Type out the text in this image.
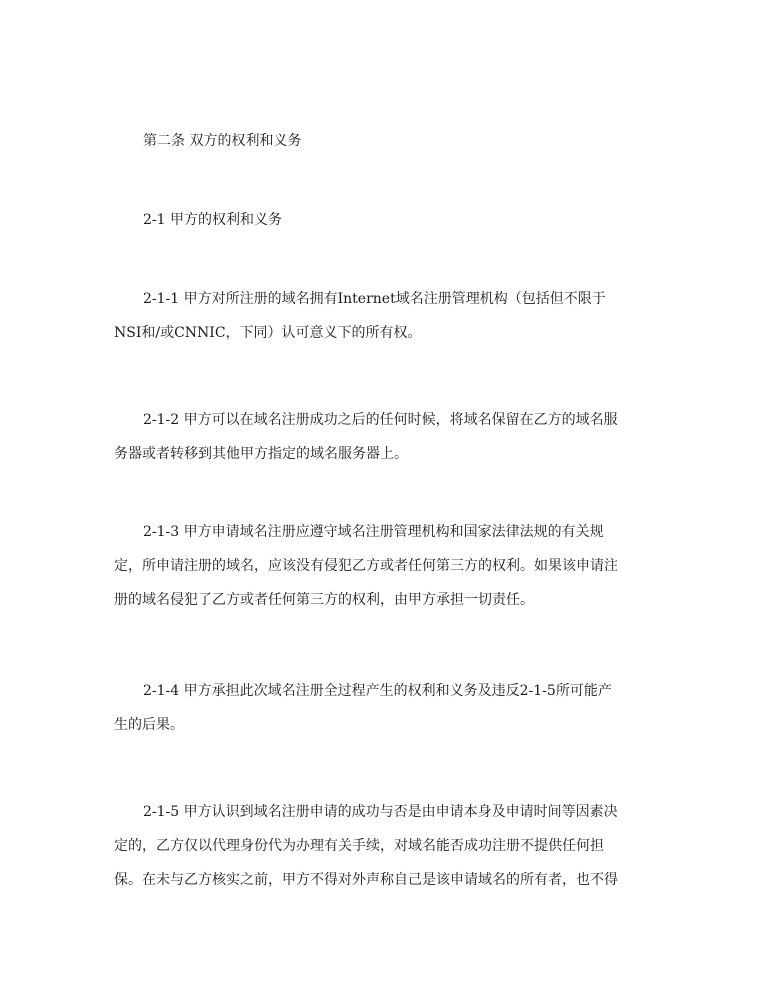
第二条 双方的权利和义务
2-1 甲方的权利和义务
2-1-1 甲方对所注册的域名拥有Internet域名注册管理机构（包括但不限于
NSI和/或CNNIC，下同）认可意义下的所有权。
2-1-2 甲方可以在域名注册成功之后的任何时候，将域名保留在乙方的域名服
务器或者转移到其他甲方指定的域名服务器上。
2-1-3 甲方申请域名注册应遵守域名注册管理机构和国家法律法规的有关规
定，所申请注册的域名，应该没有侵犯乙方或者任何第三方的权利。如果该申请注
册的域名侵犯了乙方或者任何第三方的权利，由甲方承担一切责任。
2-1-4 甲方承担此次域名注册全过程产生的权利和义务及违反2-1-5所可能产
生的后果。
2-1-5 甲方认识到域名注册申请的成功与否是由申请本身及申请时间等因素决
定的，乙方仅以代理身份代为办理有关手续，对域名能否成功注册不提供任何担
保。在未与乙方核实之前，甲方不得对外声称自己是该申请域名的所有者，也不得
